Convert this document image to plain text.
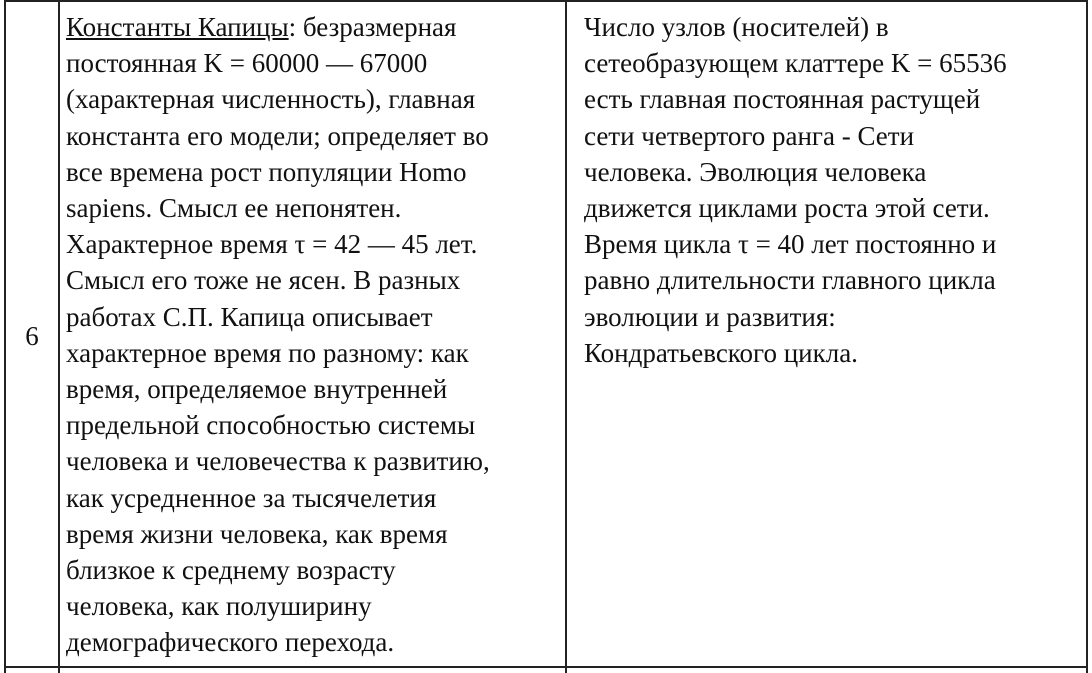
6
Константы Капицы: безразмерная
постоянная K = 60000 — 67000
(характерная численность), главная
константа его модели; определяет во
все времена рост популяции Homo
sapiens. Смысл ее непонятен.
Характерное время τ = 42 — 45 лет.
Смысл его тоже не ясен. В разных
работах С.П. Капица описывает
характерное время по разному: как
время, определяемое внутренней
предельной способностью системы
человека и человечества к развитию,
как усредненное за тысячелетия
время жизни человека, как время
близкое к среднему возрасту
человека, как полуширину
демографического перехода.
Число узлов (носителей) в
сетеобразующем клаттере K = 65536
есть главная постоянная растущей
сети четвертого ранга - Сети
человека. Эволюция человека
движется циклами роста этой сети.
Время цикла τ = 40 лет постоянно и
равно длительности главного цикла
эволюции и развития:
Кондратьевского цикла.
